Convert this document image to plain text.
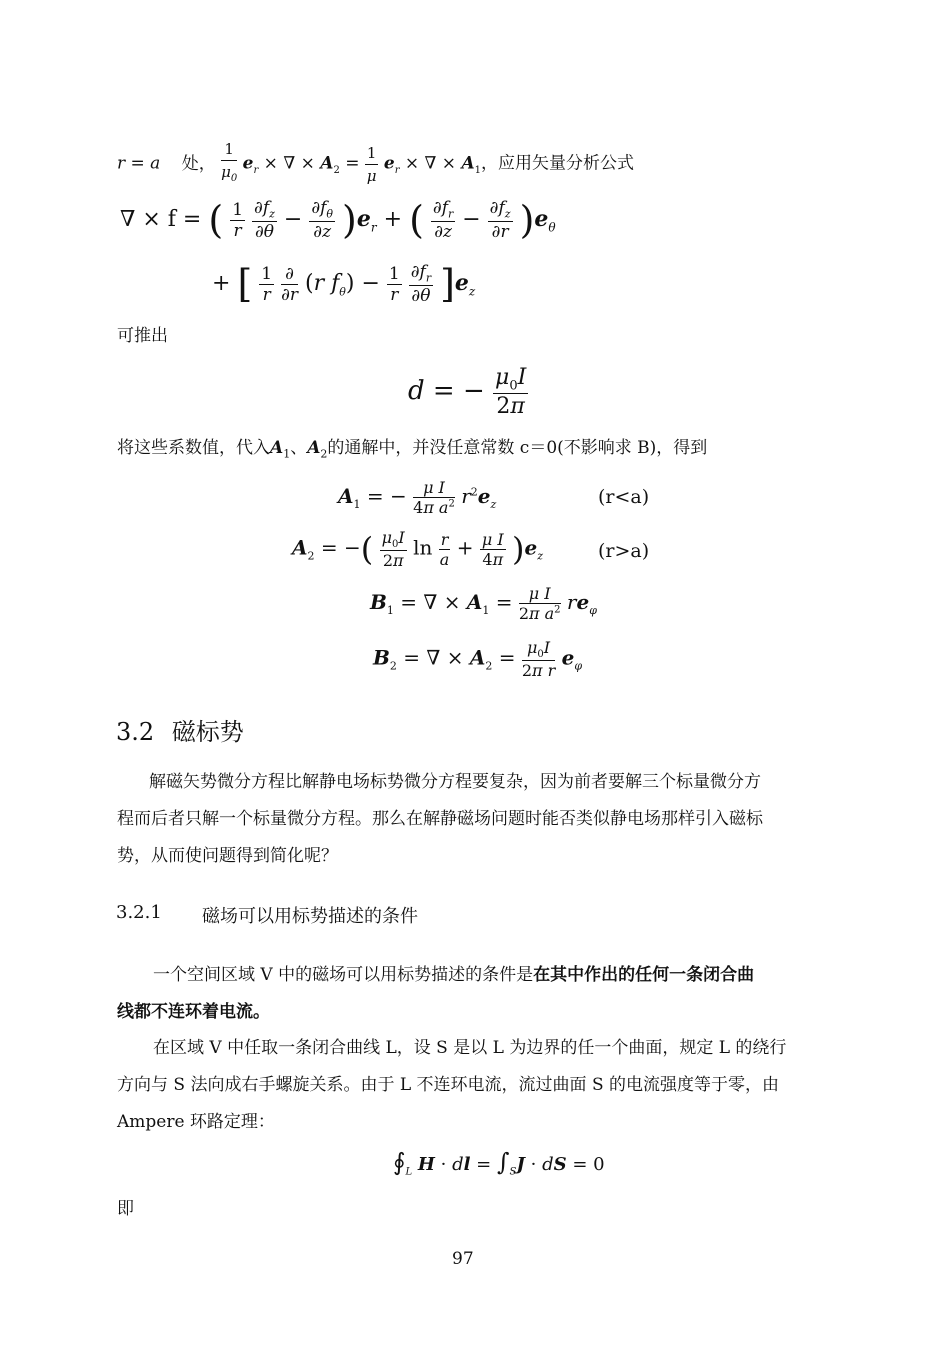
r = a 处， $\frac{1}{\mu_0} e_r$ × ∇ × $A_2 = \frac{1}{\mu} e_r$ × ∇ × $A_1$，应用矢量分析公式
∇ × f = ( $\frac{1}{r}$
$\frac{\partial f_z}{\partial\theta} - \frac{\partial f_\theta}{\partial z} )e_r$ + ( $\frac{\partial f_r}{\partial z} - \frac{\partial f_z}{\partial r} )e_\theta$
+ [ $\frac{1}{r}$
$\frac{\partial}{\partial r} (r$ $f_\theta) - \frac{1}{r}$
$\frac{\partial f_r}{\partial\theta} ]e_z$
可推出
d = − $\frac{\mu_0I}{2\pi}$
将这些系数值，代入$A_1$、$A_2$的通解中，并没任意常数 c＝0(不影响求 B)，得到
$A_1$ = − $\frac{\text{μ I}}{4\pi a^2} r^2e_z$	(r<a)
$A_2$ = −( $\frac{\mu_0I}{2\pi}$ $\ln \frac{r}{a} + \frac{\text{μ I}}{4\pi} )e_z$	(r>a)
$B_1$ = ∇ × $A_1 = \frac{\text{μ I}}{2\pi a^2} re_\varphi$
$B_2$ = ∇ × $A_2 = \frac{\mu_0I}{\text{2π r}} e_\varphi$
3.2 磁标势
解磁矢势微分方程比解静电场标势微分方程要复杂，因为前者要解三个标量微分方
程而后者只解一个标量微分方程。那么在解静磁场问题时能否类似静电场那样引入磁标
势，从而使问题得到简化呢？
3.2.1 磁场可以用标势描述的条件
一个空间区域 V 中的磁场可以用标势描述的条件是在其中作出的任何一条闭合曲
线都不连环着电流。
在区域 V 中任取一条闭合曲线 L，设 S 是以 L 为边界的任一个曲面，规定 L 的绕行
方向与 S 法向成右手螺旋关系。由于 L 不连环电流，流过曲面 S 的电流强度等于零，由
Ampere 环路定理：
$∮_L$ H · dl = $\int_SJ$ · dS = 0
即
97
